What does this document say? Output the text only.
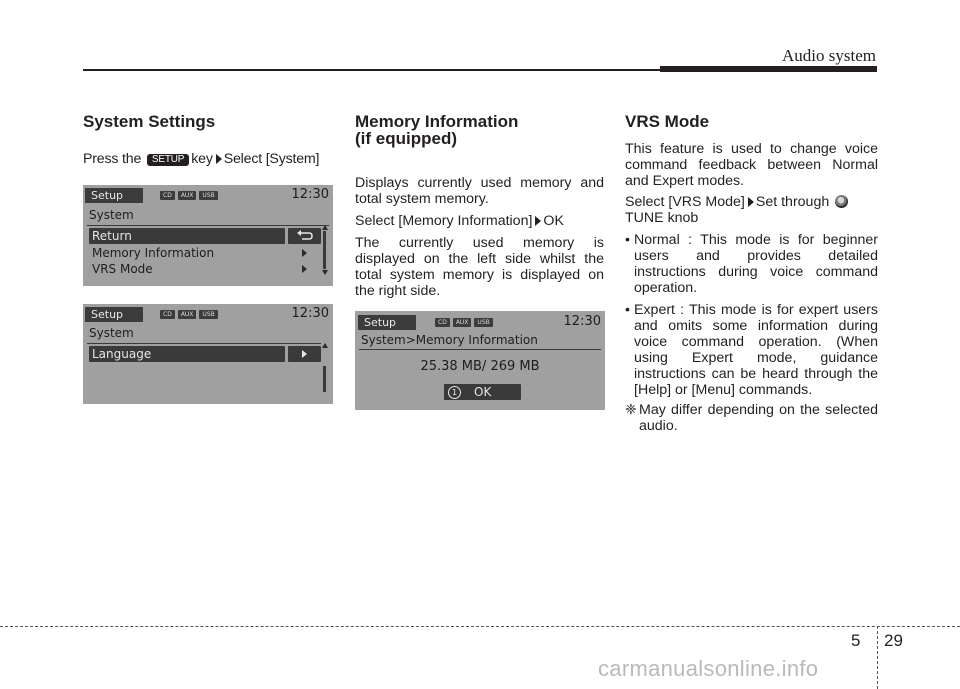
Audio system
System Settings

Press the SETUP key Select [System]

Setup	CD AUX USB	12:30
System
Return
Memory Information
VRS Mode
Setup	CD AUX USB	12:30
System
Language
Memory Information
(if equipped)

Displays currently used memory and total system memory.

Select [Memory Information] OK

The currently used memory is displayed on the left side whilst the total system memory is displayed on the right side.

Setup	CD AUX USB	12:30
System>Memory Information
25.38 MB/ 269 MB
1	OK
VRS Mode

This feature is used to change voice command feedback between Normal and Expert modes.

Select [VRS Mode] Set through
TUNE knob

• Normal : This mode is for beginner users and provides detailed instructions during voice command operation.
• Expert : This mode is for expert users and omits some information during voice command operation. (When using Expert mode, guidance instructions can be heard through the [Help] or [Menu] commands.
❈ May differ depending on the selected audio.
5 29
carmanualsonline.info
